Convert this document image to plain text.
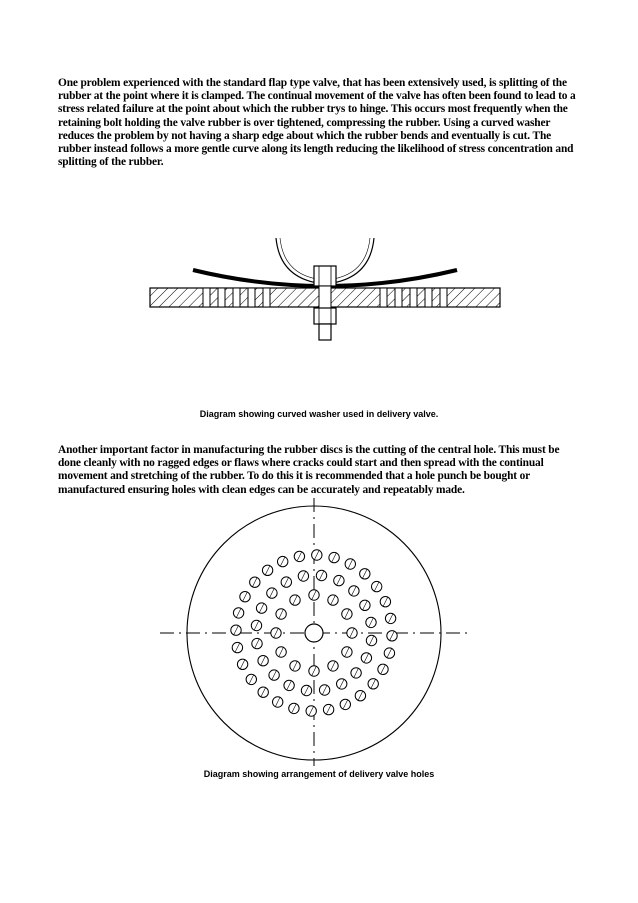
One problem experienced with the standard flap type valve, that has been extensively used, is splitting of the rubber at the point where it is clamped. The continual movement of the valve has often been found to lead to a stress related failure at the point about which the rubber trys to hinge. This occurs most frequently when the retaining bolt holding the valve rubber is over tightened, compressing the rubber. Using a curved washer reduces the problem by not having a sharp edge about which the rubber bends and eventually is cut. The rubber instead follows a more gentle curve along its length reducing the likelihood of stress concentration and splitting of the rubber.
Diagram showing curved washer used in delivery valve.
Another important factor in manufacturing the rubber discs is the cutting of the central hole. This must be done cleanly with no ragged edges or flaws where cracks could start and then spread with the continual movement and stretching of the rubber. To do this it is recommended that a hole punch be bought or manufactured ensuring holes with clean edges can be accurately and repeatably made.
Diagram showing arrangement of delivery valve holes
